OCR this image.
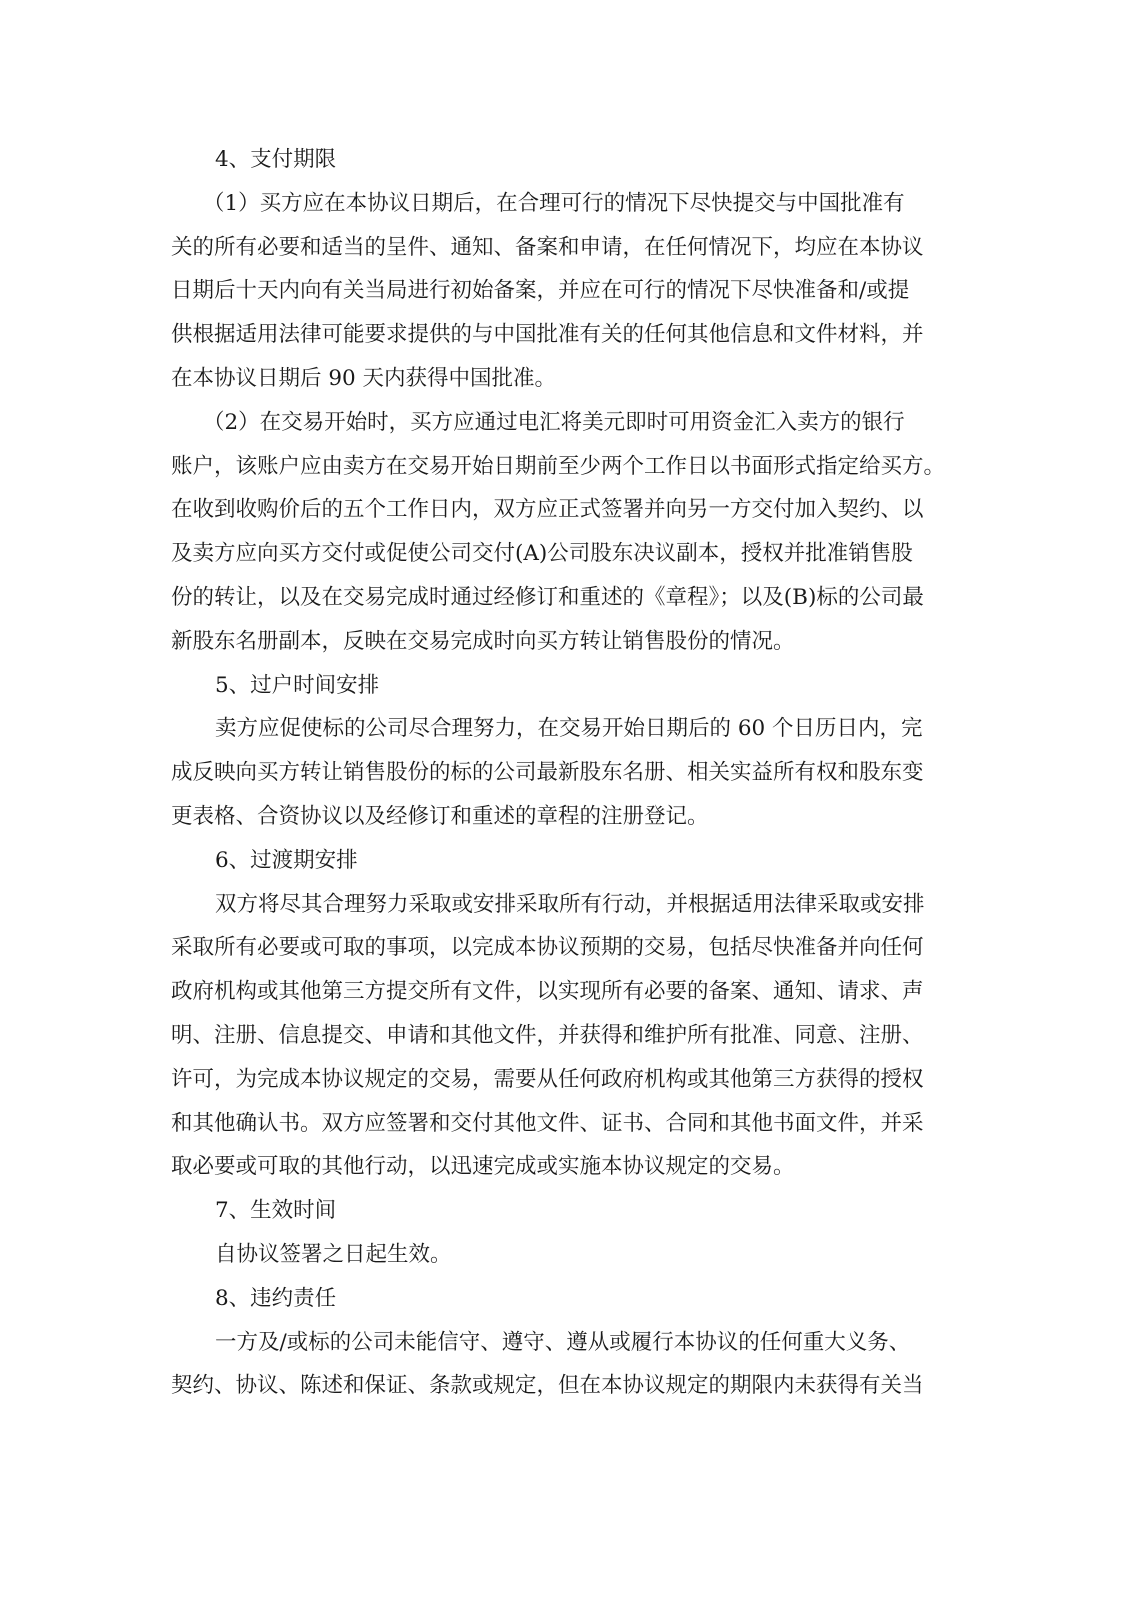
4、支付期限
（1）买方应在本协议日期后，在合理可行的情况下尽快提交与中国批准有
关的所有必要和适当的呈件、通知、备案和申请，在任何情况下，均应在本协议
日期后十天内向有关当局进行初始备案，并应在可行的情况下尽快准备和/或提
供根据适用法律可能要求提供的与中国批准有关的任何其他信息和文件材料，并
在本协议日期后 90 天内获得中国批准。
（2）在交易开始时，买方应通过电汇将美元即时可用资金汇入卖方的银行
账户，该账户应由卖方在交易开始日期前至少两个工作日以书面形式指定给买方。
在收到收购价后的五个工作日内，双方应正式签署并向另一方交付加入契约、以
及卖方应向买方交付或促使公司交付(A)公司股东决议副本，授权并批准销售股
份的转让，以及在交易完成时通过经修订和重述的《章程》；以及(B)标的公司最
新股东名册副本，反映在交易完成时向买方转让销售股份的情况。
5、过户时间安排
卖方应促使标的公司尽合理努力，在交易开始日期后的 60 个日历日内，完
成反映向买方转让销售股份的标的公司最新股东名册、相关实益所有权和股东变
更表格、合资协议以及经修订和重述的章程的注册登记。
6、过渡期安排
双方将尽其合理努力采取或安排采取所有行动，并根据适用法律采取或安排
采取所有必要或可取的事项，以完成本协议预期的交易，包括尽快准备并向任何
政府机构或其他第三方提交所有文件，以实现所有必要的备案、通知、请求、声
明、注册、信息提交、申请和其他文件，并获得和维护所有批准、同意、注册、
许可，为完成本协议规定的交易，需要从任何政府机构或其他第三方获得的授权
和其他确认书。双方应签署和交付其他文件、证书、合同和其他书面文件，并采
取必要或可取的其他行动，以迅速完成或实施本协议规定的交易。
7、生效时间
自协议签署之日起生效。
8、违约责任
一方及/或标的公司未能信守、遵守、遵从或履行本协议的任何重大义务、
契约、协议、陈述和保证、条款或规定，但在本协议规定的期限内未获得有关当
